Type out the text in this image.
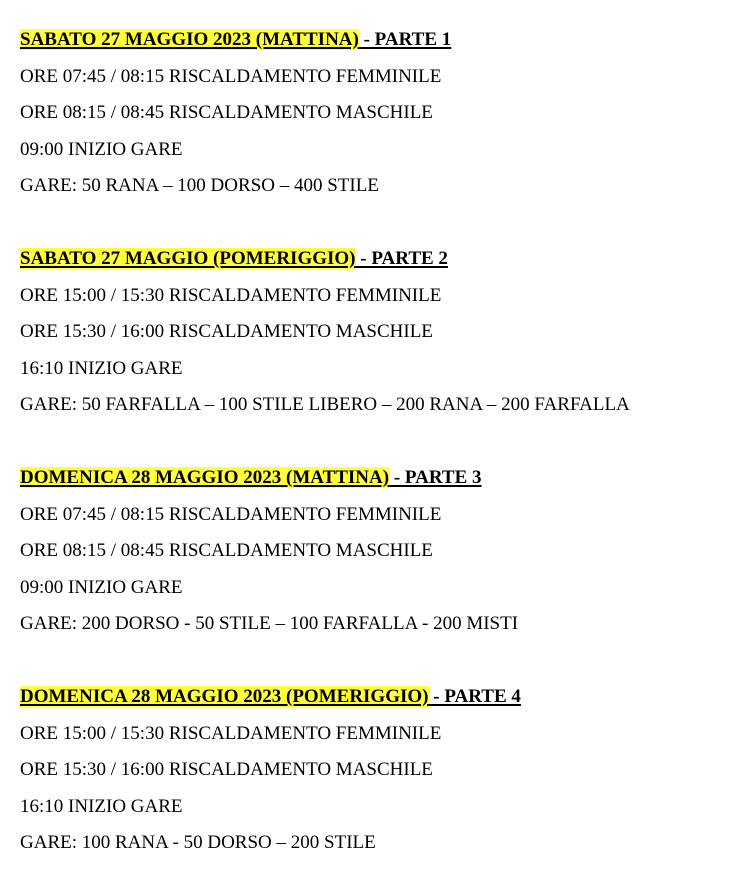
SABATO 27 MAGGIO 2023 (MATTINA) - PARTE 1
ORE 07:45 / 08:15 RISCALDAMENTO FEMMINILE
ORE 08:15 / 08:45 RISCALDAMENTO MASCHILE
09:00 INIZIO GARE
GARE: 50 RANA – 100 DORSO – 400 STILE
SABATO 27 MAGGIO (POMERIGGIO) - PARTE 2
ORE 15:00 / 15:30 RISCALDAMENTO FEMMINILE
ORE 15:30 / 16:00 RISCALDAMENTO MASCHILE
16:10 INIZIO GARE
GARE: 50 FARFALLA – 100 STILE LIBERO – 200 RANA – 200 FARFALLA
DOMENICA 28 MAGGIO 2023 (MATTINA) - PARTE 3
ORE 07:45 / 08:15 RISCALDAMENTO FEMMINILE
ORE 08:15 / 08:45 RISCALDAMENTO MASCHILE
09:00 INIZIO GARE
GARE: 200 DORSO - 50 STILE – 100 FARFALLA - 200 MISTI
DOMENICA 28 MAGGIO 2023 (POMERIGGIO) - PARTE 4
ORE 15:00 / 15:30 RISCALDAMENTO FEMMINILE
ORE 15:30 / 16:00 RISCALDAMENTO MASCHILE
16:10 INIZIO GARE
GARE: 100 RANA - 50 DORSO – 200 STILE
